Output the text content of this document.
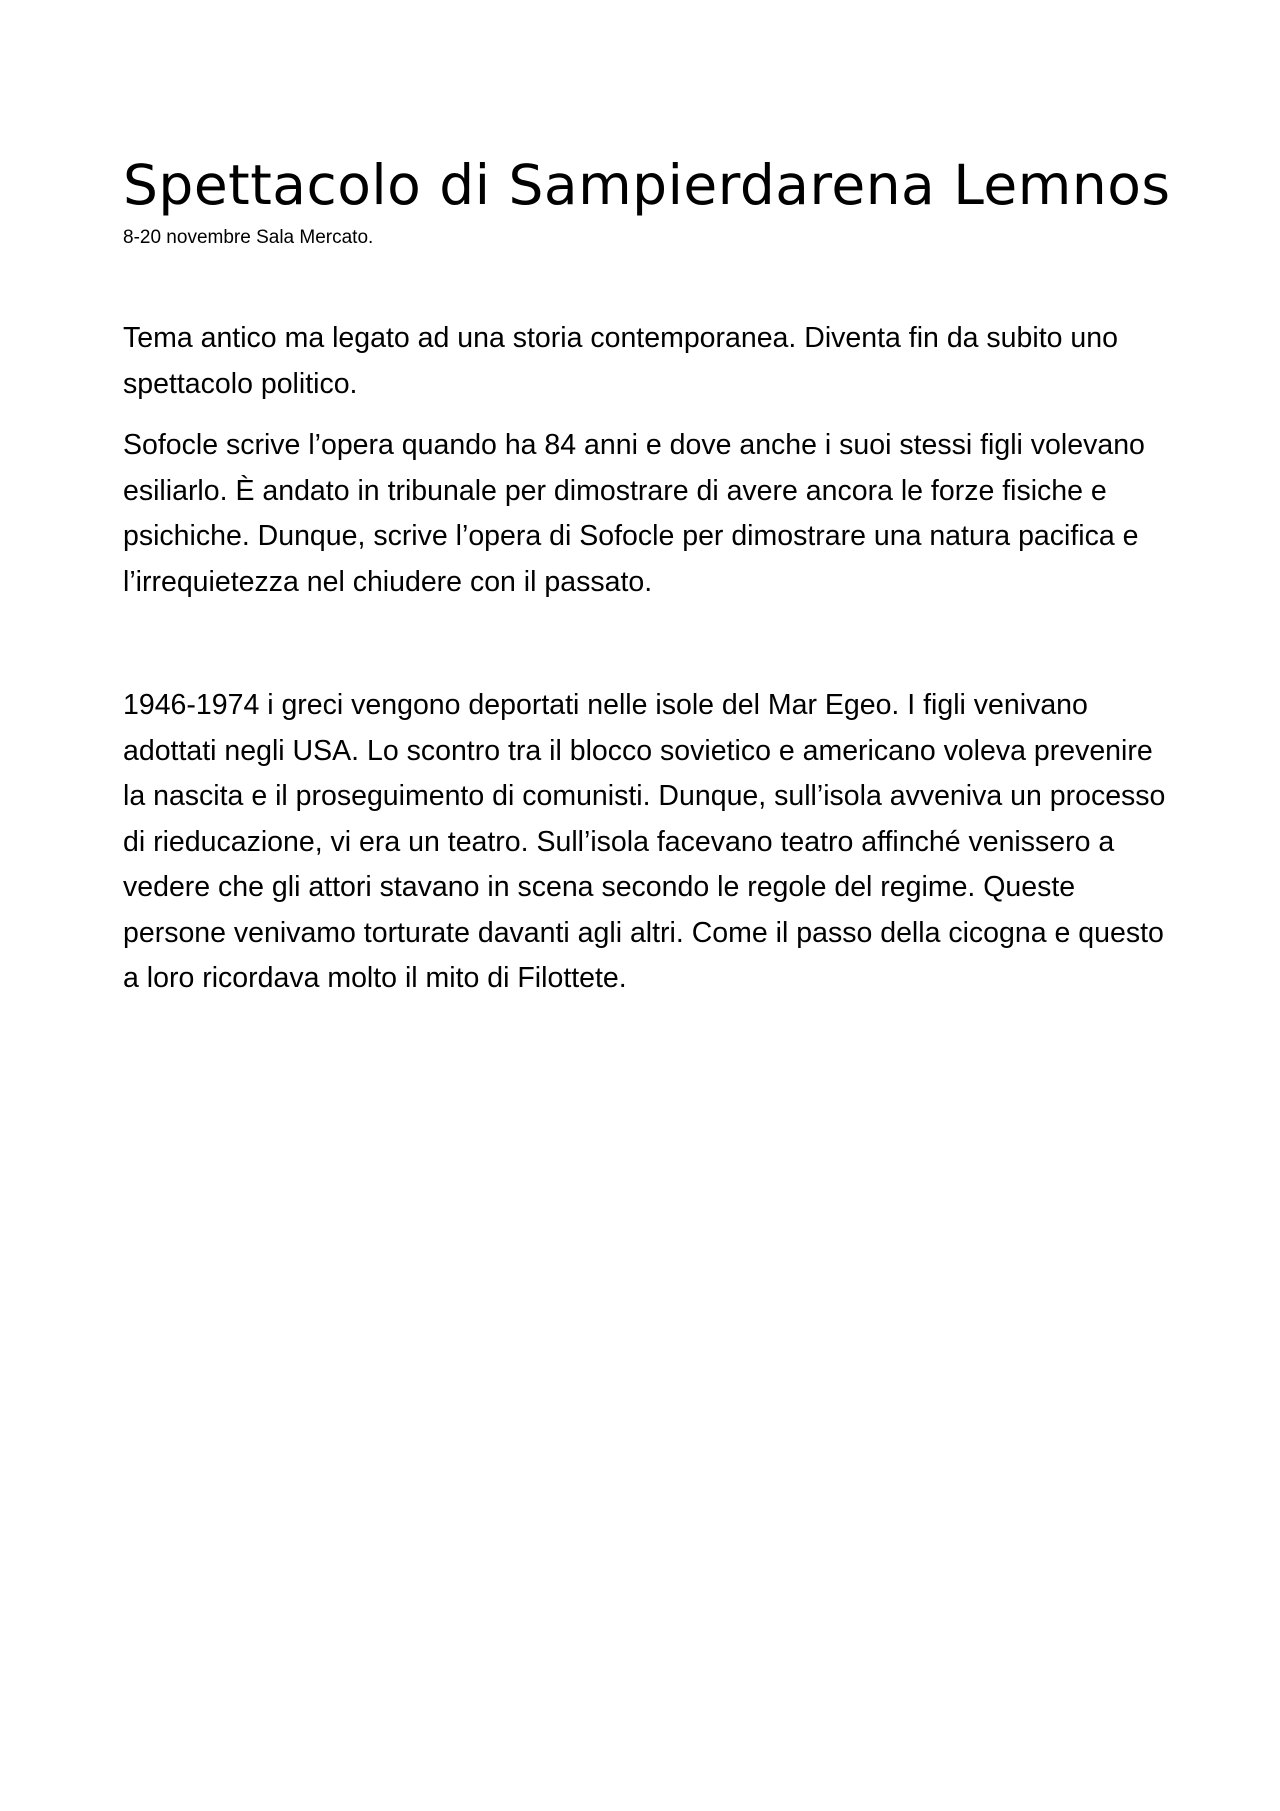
Spettacolo di Sampierdarena Lemnos

8-20 novembre Sala Mercato.

Tema antico ma legato ad una storia contemporanea. Diventa fin da subito uno spettacolo politico.

Sofocle scrive l’opera quando ha 84 anni e dove anche i suoi stessi figli volevano esiliarlo. È andato in tribunale per dimostrare di avere ancora le forze fisiche e psichiche. Dunque, scrive l’opera di Sofocle per dimostrare una natura pacifica e l’irrequietezza nel chiudere con il passato.

1946-1974 i greci vengono deportati nelle isole del Mar Egeo. I figli venivano adottati negli USA. Lo scontro tra il blocco sovietico e americano voleva prevenire la nascita e il proseguimento di comunisti. Dunque, sull’isola avveniva un processo di rieducazione, vi era un teatro. Sull’isola facevano teatro affinché venissero a vedere che gli attori stavano in scena secondo le regole del regime. Queste persone venivamo torturate davanti agli altri. Come il passo della cicogna e questo a loro ricordava molto il mito di Filottete.
